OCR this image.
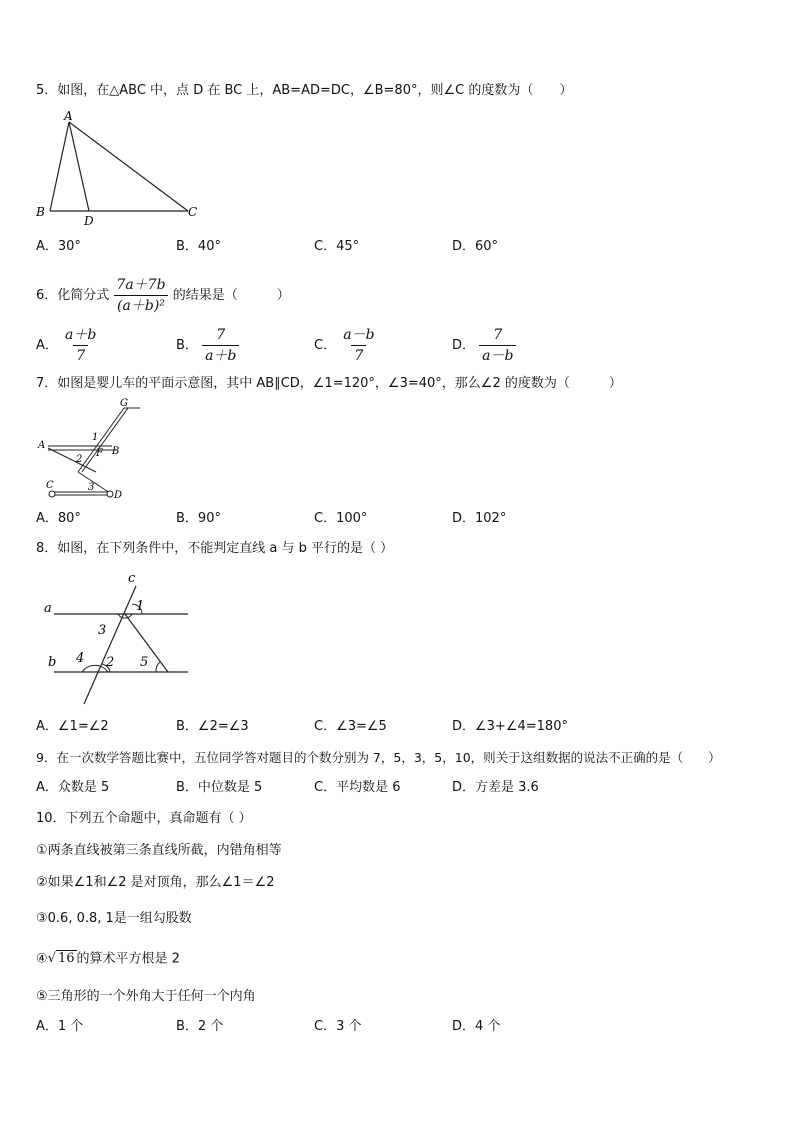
5．如图，在△ABC 中，点 D 在 BC 上，AB=AD=DC，∠B=80°，则∠C 的度数为（　　）
A
B
D
C
A．30°	B．40°	C．45°	D．60°
6．化简分式 $\frac{7a+7b}{\text{(a＋b)²}}$ 的结果是（　　　）
A． $\frac{a+b}{7}$	B． $\frac{7}{a+b}$	C． $\frac{a-b}{7}$	D． $\frac{7}{a-b}$
7．如图是婴儿车的平面示意图，其中 AB∥CD，∠1=120°，∠3=40°，那么∠2 的度数为（　　　）
G
A
B
F
C
D
1
2
3
A．80°	B．90°	C．100°	D．102°
8．如图，在下列条件中，不能判定直线 a 与 b 平行的是（ ）
a
b
c
1
3
4 2 5
A．∠1=∠2	B．∠2=∠3	C．∠3=∠5	D．∠3+∠4=180°
9．在一次数学答题比赛中，五位同学答对题目的个数分别为 7，5，3，5，10，则关于这组数据的说法不正确的是（　　）
A．众数是 5	B．中位数是 5	C．平均数是 6	D．方差是 3.6
10．下列五个命题中，真命题有（ ）
①两条直线被第三条直线所截，内错角相等
②如果∠1和∠2 是对顶角，那么∠1＝∠2
③0.6, 0.8, 1是一组勾股数
④√ 16 的算术平方根是 2
⑤三角形的一个外角大于任何一个内角
A．1 个	B．2 个	C．3 个	D．4 个
